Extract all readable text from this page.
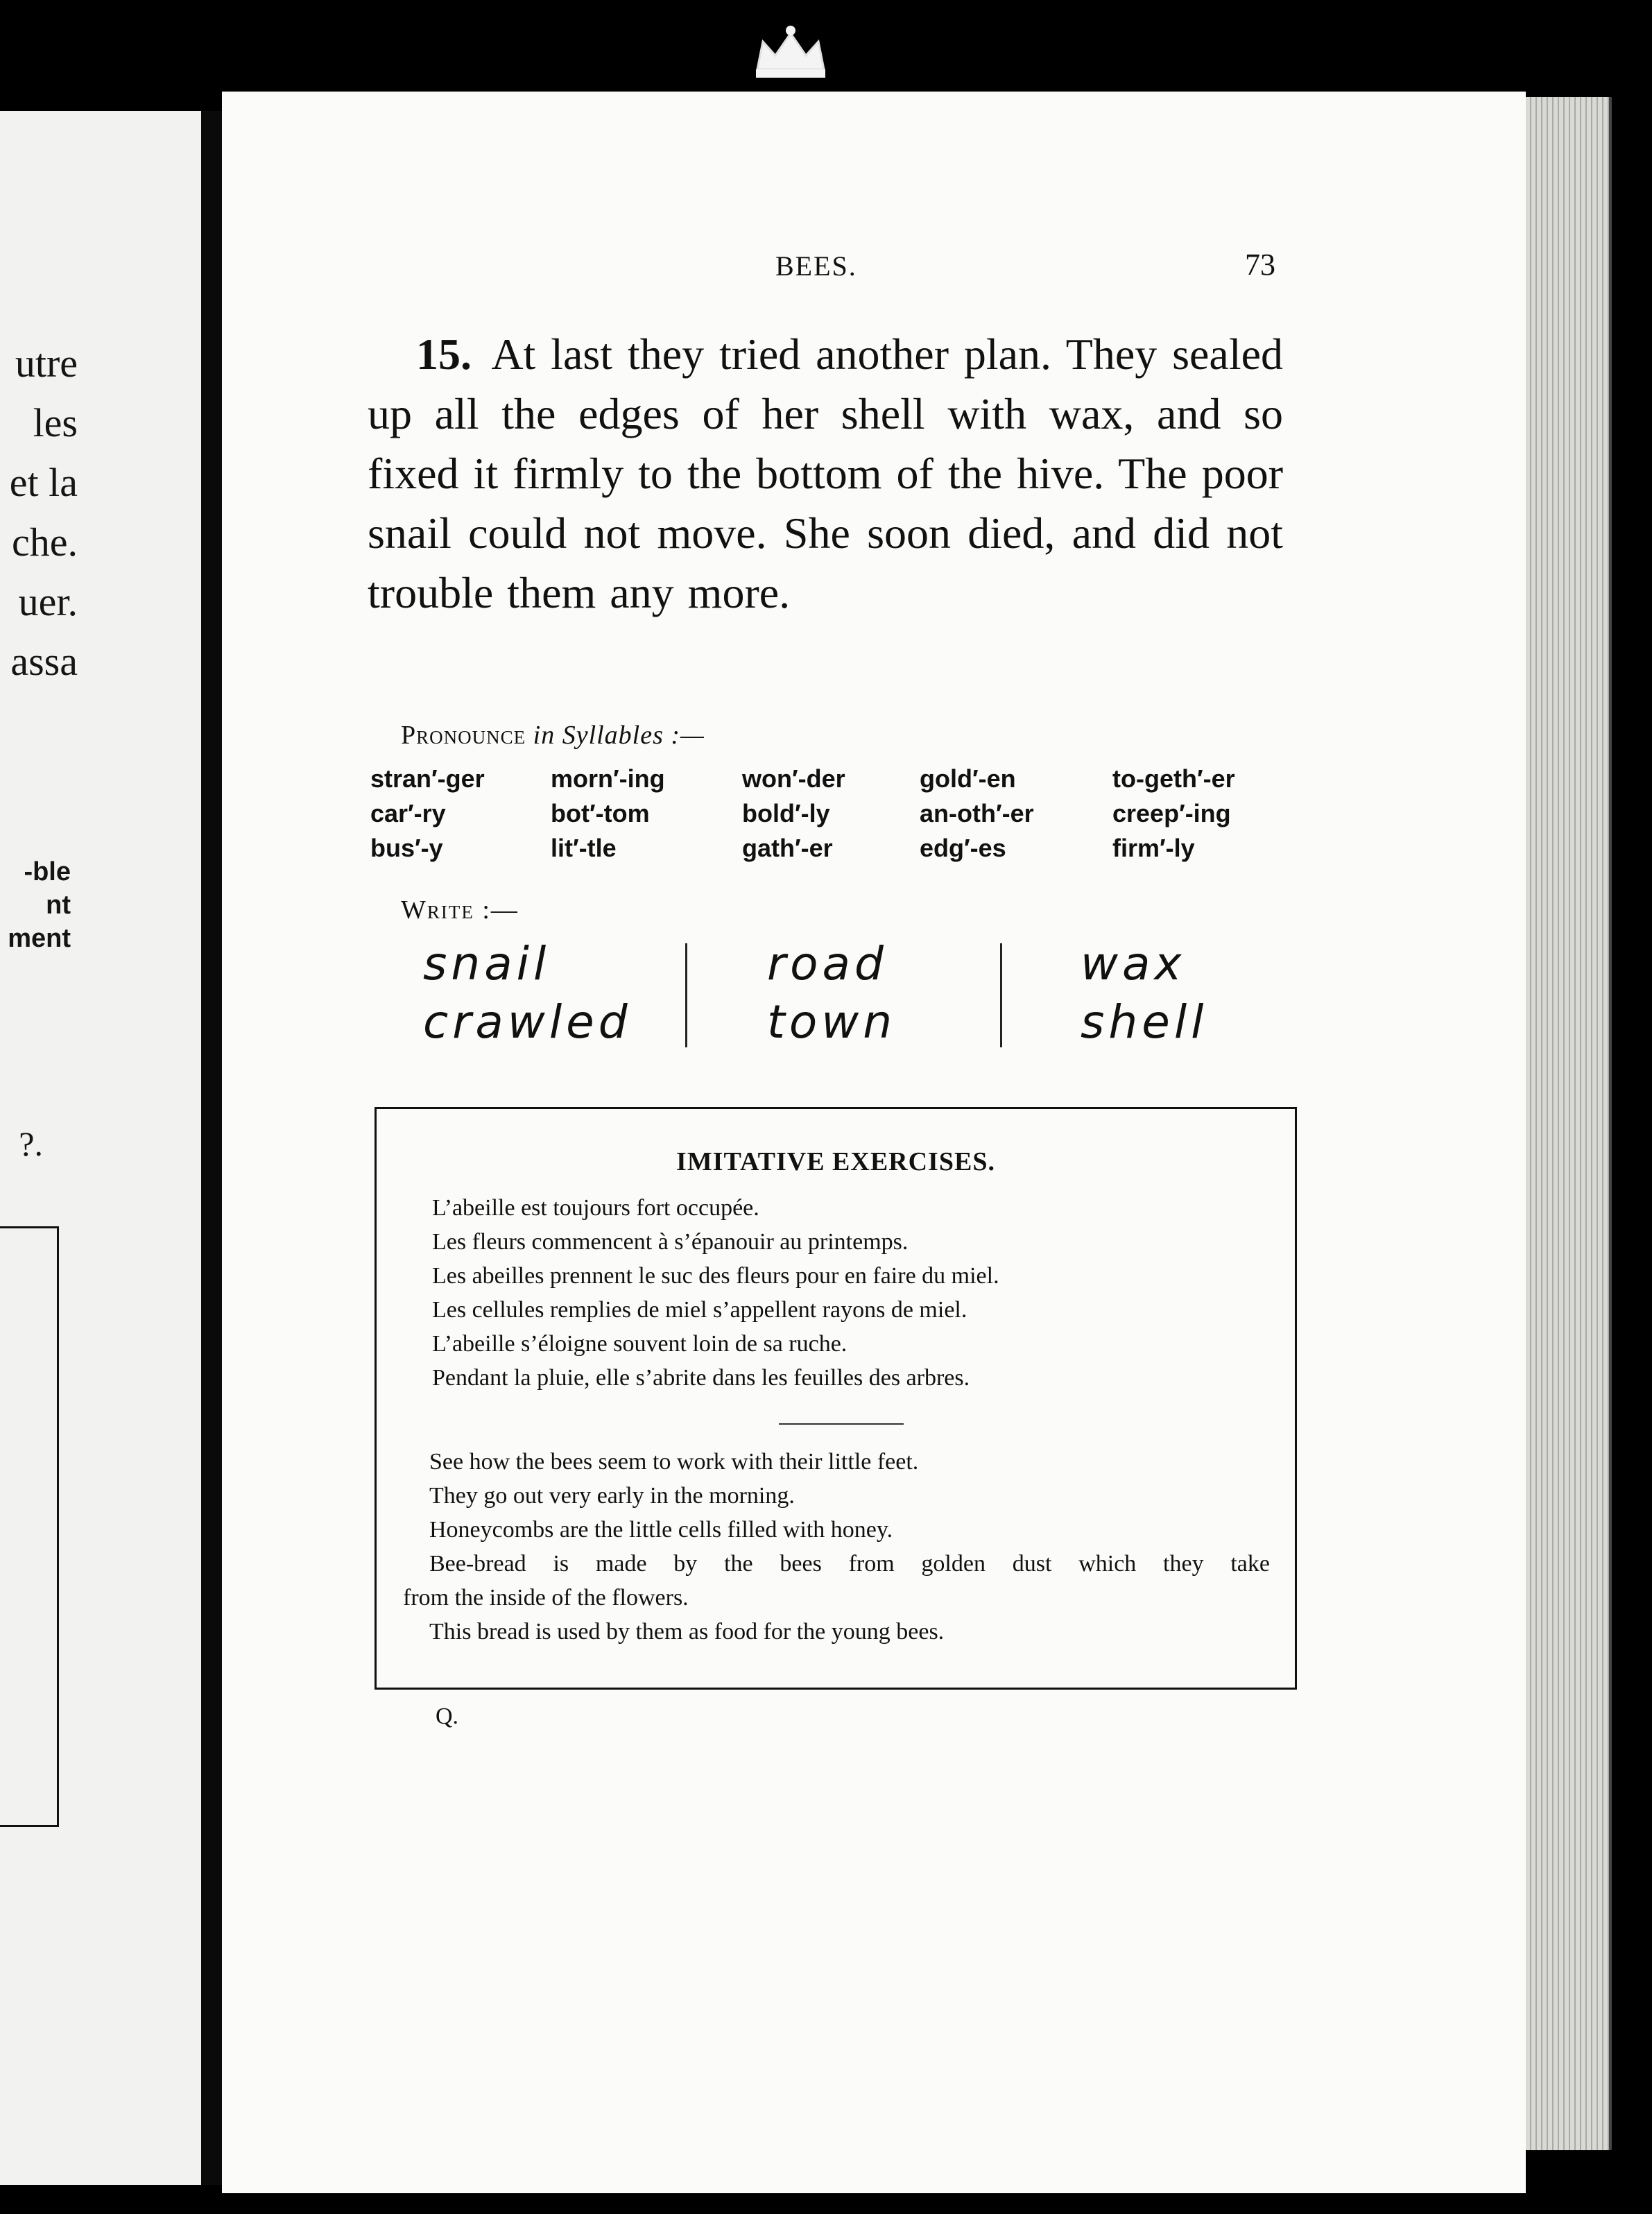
utre
les
et la
che.
uer.
assa
-ble
nt
ment
?.
BEES.	73
15. At last they tried another plan. They sealed up all the edges of her shell with wax, and so fixed it firmly to the bottom of the hive. The poor snail could not move. She soon died, and did not trouble them any more.
Pronounce in Syllables :—
stran′-ger
car′-ry
bus′-y
morn′-ing
bot′-tom
lit′-tle
won′-der
bold′-ly
gath′-er
gold′-en
an-oth′-er
edg′-es
to-geth′-er
creep′-ing
firm′-ly
Write :—
snail
crawled
road
town
wax
shell
IMITATIVE EXERCISES.
L’abeille est toujours fort occupée.
Les fleurs commencent à s’épanouir au printemps.
Les abeilles prennent le suc des fleurs pour en faire du miel.
Les cellules remplies de miel s’appellent rayons de miel.
L’abeille s’éloigne souvent loin de sa ruche.
Pendant la pluie, elle s’abrite dans les feuilles des arbres.
See how the bees seem to work with their little feet.
They go out very early in the morning.
Honeycombs are the little cells filled with honey.
Bee-bread is made by the bees from golden dust which they take
from the inside of the flowers.
This bread is used by them as food for the young bees.
Q.
